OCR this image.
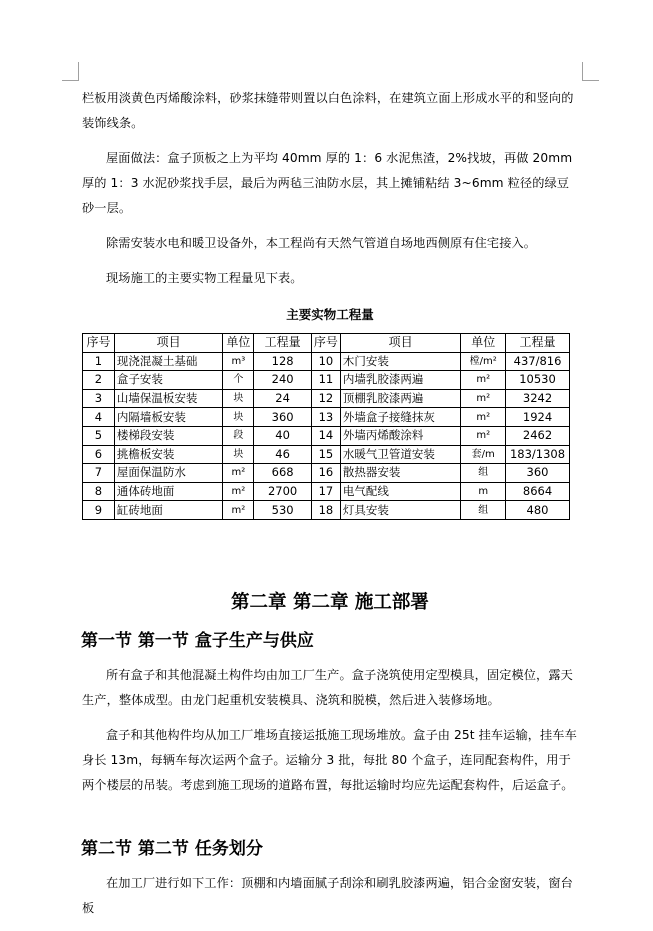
栏板用淡黄色丙烯酸涂料，砂浆抹缝带则置以白色涂料，在建筑立面上形成水平的和竖向的装饰线条。

屋面做法：盒子顶板之上为平均 40mm 厚的 1：6 水泥焦渣，2%找坡，再做 20mm 厚的 1：3 水泥砂浆找手层，最后为两毡三油防水层，其上摊铺粘结 3~6mm 粒径的绿豆砂一层。

除需安装水电和暖卫设备外，本工程尚有天然气管道自场地西侧原有住宅接入。

现场施工的主要实物工程量见下表。

主要实物工程量
序号	项目	单位	工程量	序号	项目	单位	工程量
1	现浇混凝土基础	m³	128	10	木门安装	樘/m²	437/816
2	盒子安装	个	240	11	内墙乳胶漆两遍	m²	10530
3	山墙保温板安装	块	24	12	顶棚乳胶漆两遍	m²	3242
4	内隔墙板安装	块	360	13	外墙盒子接缝抹灰	m²	1924
5	楼梯段安装	段	40	14	外墙丙烯酸涂料	m²	2462
6	挑檐板安装	块	46	15	水暖气卫管道安装	套/m	183/1308
7	屋面保温防水	m²	668	16	散热器安装	组	360
8	通体砖地面	m²	2700	17	电气配线	m	8664
9	缸砖地面	m²	530	18	灯具安装	组	480
第二章 第二章 施工部署
第一节 第一节 盒子生产与供应

所有盒子和其他混凝土构件均由加工厂生产。盒子浇筑使用定型模具，固定模位，露天生产，整体成型。由龙门起重机安装模具、浇筑和脱模，然后进入装修场地。

盒子和其他构件均从加工厂堆场直接运抵施工现场堆放。盒子由 25t 挂车运输，挂车车身长 13m，每辆车每次运两个盒子。运输分 3 批，每批 80 个盒子，连同配套构件，用于两个楼层的吊装。考虑到施工现场的道路布置，每批运输时均应先运配套构件，后运盒子。

第二节 第二节 任务划分

在加工厂进行如下工作：顶棚和内墙面腻子刮涂和刷乳胶漆两遍，铝合金窗安装，窗台板
